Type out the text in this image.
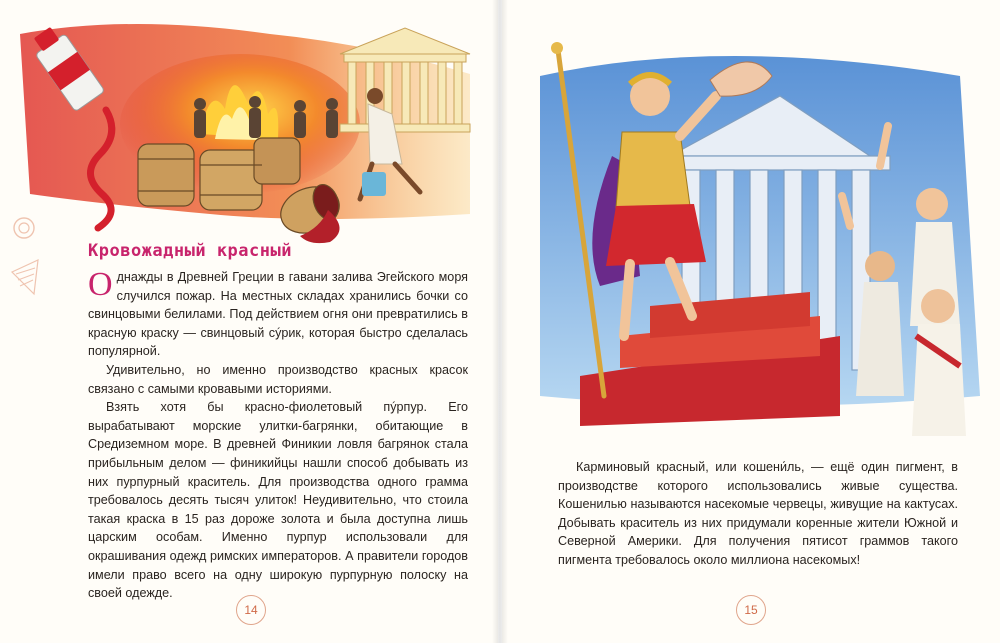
Кровожадный красный

Однажды в Древней Греции в гавани залива Эгейского моря случился пожар. На местных складах хранились бочки со свинцовыми белилами. Под действием огня они превратились в красную краску — свинцовый сýрик, которая быстро сделалась популярной.

Удивительно, но именно производство красных красок связано с самыми кровавыми историями.

Взять хотя бы красно-фиолетовый пýрпур. Его вырабатывают морские улитки-багрянки, обитающие в Средиземном море. В древней Финикии ловля багрянок стала прибыльным делом — финикийцы нашли способ добывать из них пурпурный краситель. Для производства одного грамма требовалось десять тысяч улиток! Неудивительно, что стоила такая краска в 15 раз дороже золота и была доступна лишь царским особам. Именно пурпур использовали для окрашивания одежд римских императоров. А правители городов имели право всего на одну широкую пурпурную полоску на своей одежде.

14

Карминовый красный, или кошени́ль, — ещё один пигмент, в производстве которого использовались живые существа. Кошенилью называются насекомые червецы, живущие на кактусах. Добывать краситель из них придумали коренные жители Южной и Северной Америки. Для получения пятисот граммов такого пигмента требовалось около миллиона насекомых!

15
